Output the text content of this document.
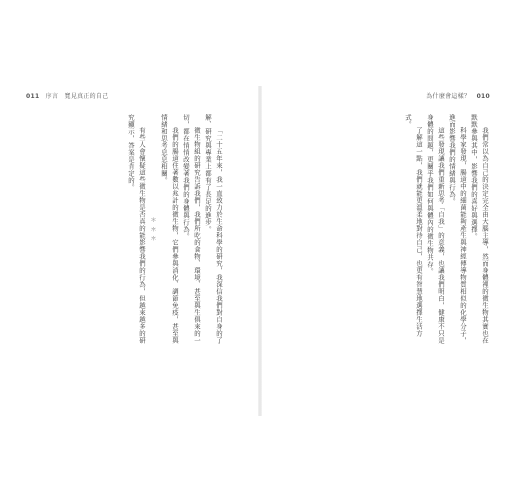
011 序言 寬見真正的自己	為什麼會這樣？ 010

「二十五年來，我一直致力於生命科學的研究，我深信我們對自身的了解、研究與專業上都有了長足的進步。

微生物組的研究告訴我們，我們所吃的食物、環境、甚至與生俱來的一切，都在悄悄改變著我們的身體與行為。

我們的腸道住著數以兆計的微生物，它們參與消化、調節免疫，甚至與情緒和思考息息相關。

＊ ＊ ＊

有些人會懷疑這些微生物是否真的能影響我們的行為，但越來越多的研究顯示，答案是肯定的。	我們常以為自己的決定完全由大腦主導，然而身體裡的微生物其實也在默默參與其中，影響我們的喜好與選擇。

科學家發現，腸道中的細菌能夠產生與神經傳導物質相似的化學分子，進而影響我們的情緒與行為。

這些發現讓我們重新思考「自我」的意義，也讓我們明白，健康不只是身體的問題，更關乎我們如何與體內的微生物共存。

了解這一點，我們就能更溫柔地對待自己，也更有智慧地選擇生活方式。
